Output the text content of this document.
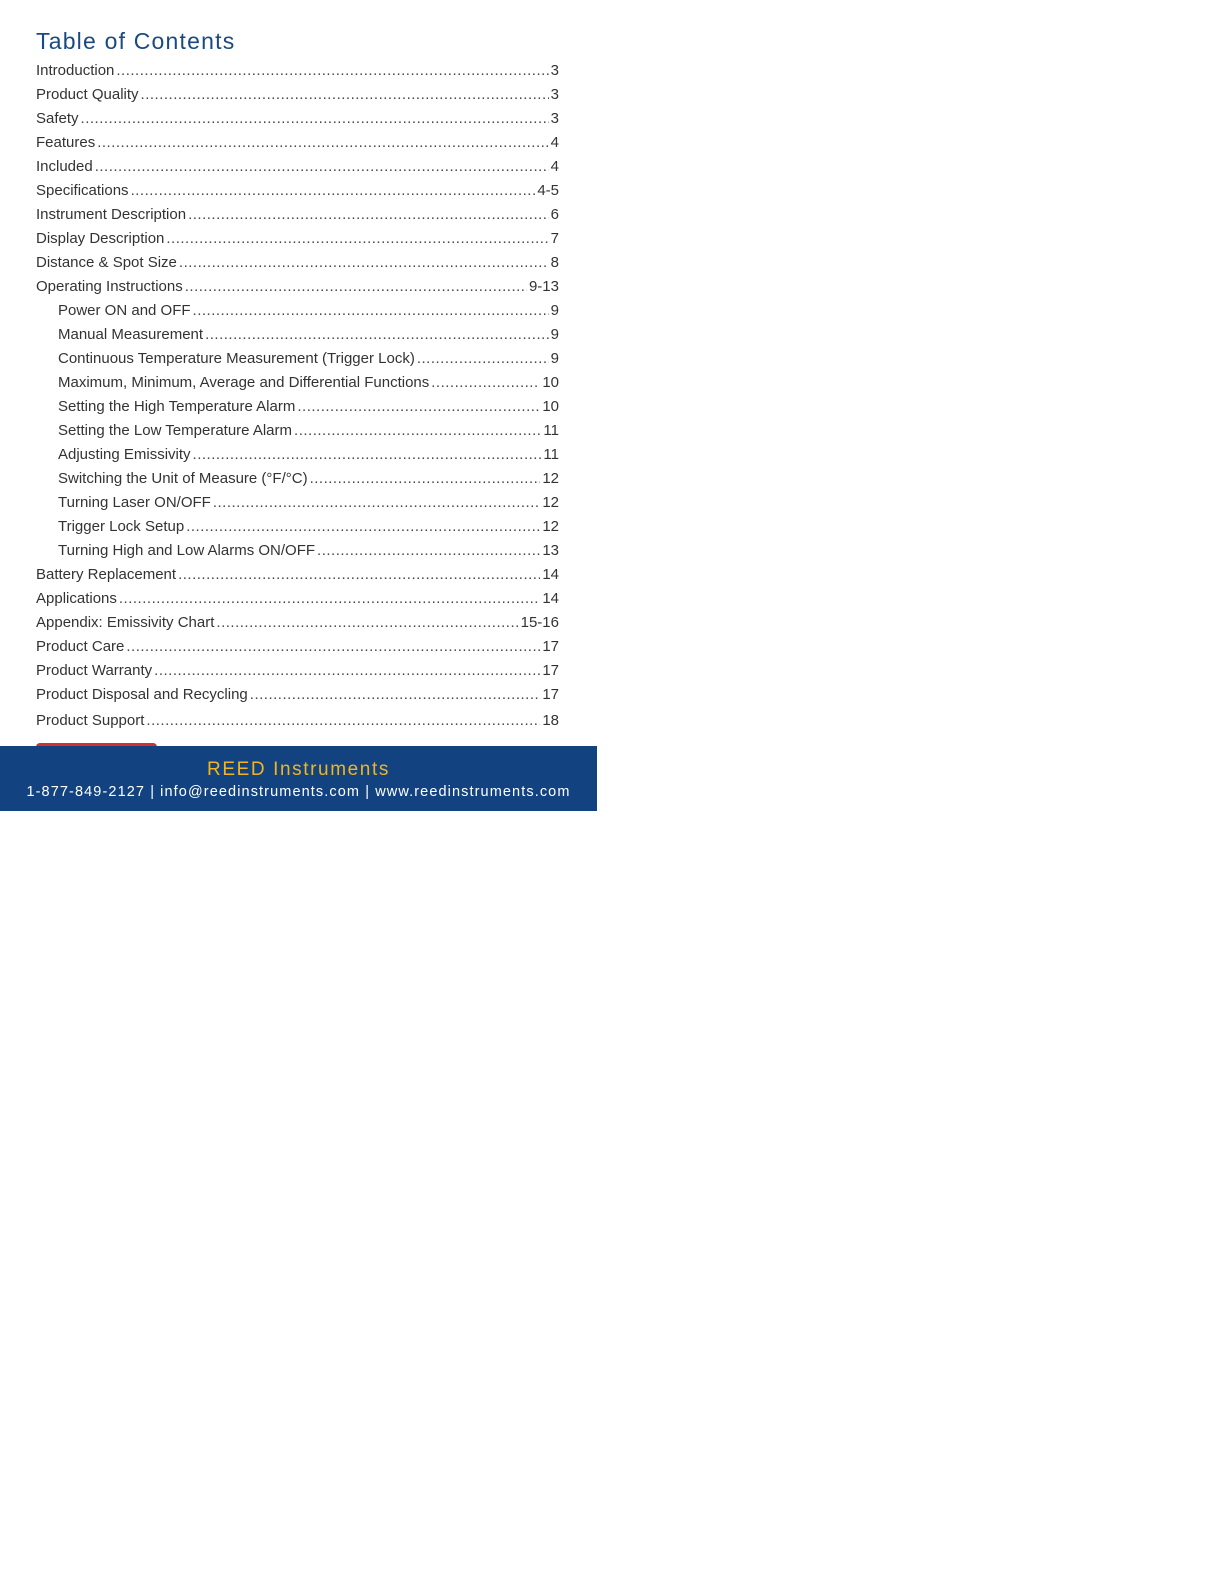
Table of Contents
Introduction .....	3
Product Quality .....	3
Safety .....	3
Features .....	4
Included .....	4
Specifications .....	4-5
Instrument Description .....	6
Display Description .....	7
Distance & Spot Size .....	8
Operating Instructions .....	9-13
Power ON and OFF .....	9
Manual Measurement .....	9
Continuous Temperature Measurement (Trigger Lock) .....	9
Maximum, Minimum, Average and Differential Functions .....	10
Setting the High Temperature Alarm .....	10
Setting the Low Temperature Alarm .....	11
Adjusting Emissivity .....	11
Switching the Unit of Measure (°F/°C) .....	12
Turning Laser ON/OFF .....	12
Trigger Lock Setup .....	12
Turning High and Low Alarms ON/OFF .....	13
Battery Replacement .....	14
Applications .....	14
Appendix: Emissivity Chart .....	15-16
Product Care .....	17
Product Warranty .....	17
Product Disposal and Recycling .....	17
Product Support .....	18

REED Instruments

1-877-849-2127 | info@reedinstruments.com | www.reedinstruments.com
